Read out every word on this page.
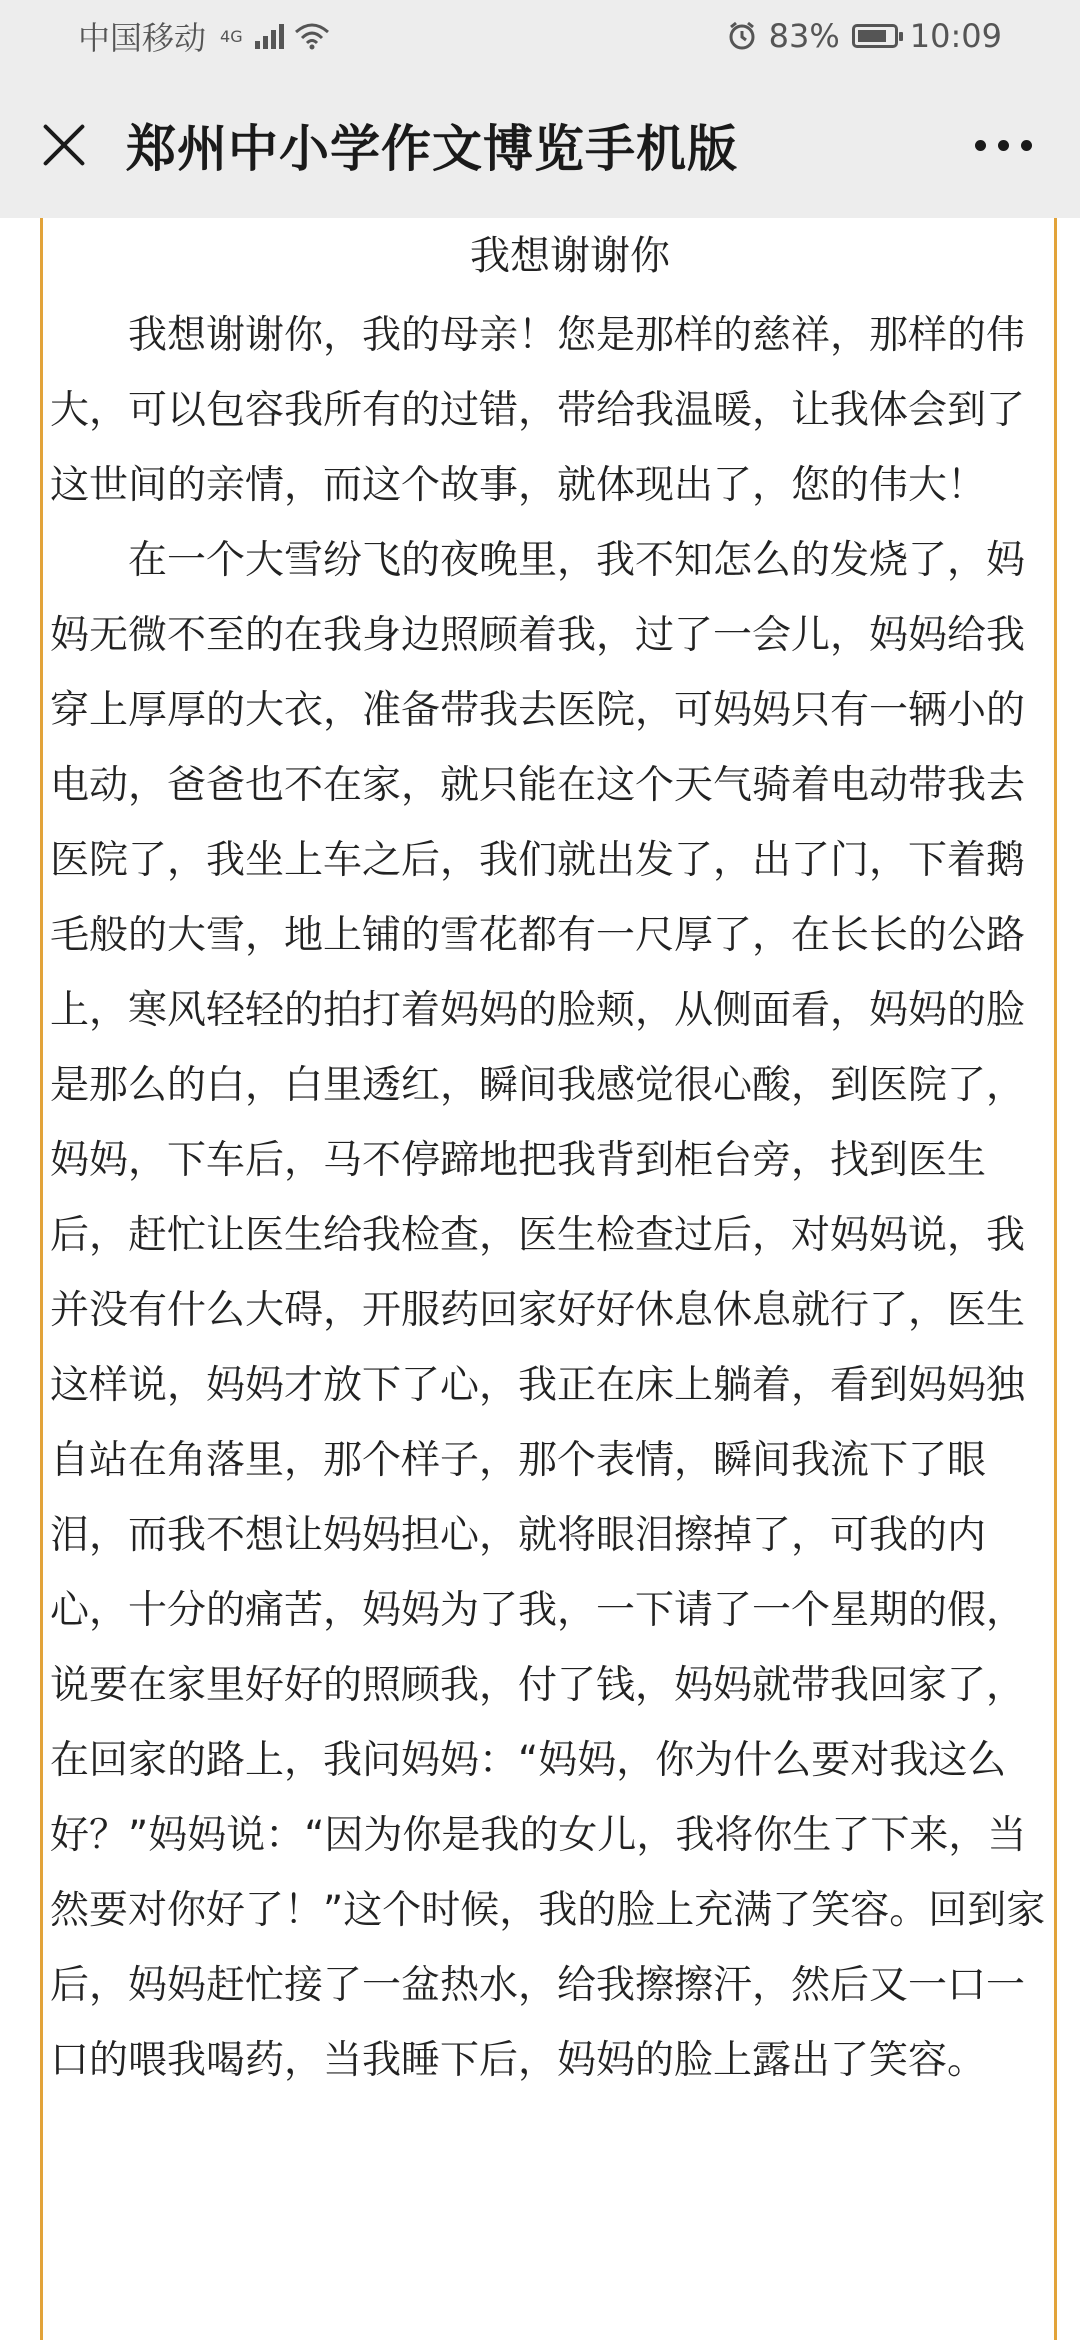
中国移动 4G	83% 10:09
郑州中小学作文博览手机版
我想谢谢你

我想谢谢你，我的母亲！您是那样的慈祥，那样的伟大，可以包容我所有的过错，带给我温暖，让我体会到了这世间的亲情，而这个故事，就体现出了，您的伟大！

在一个大雪纷飞的夜晚里，我不知怎么的发烧了，妈妈无微不至的在我身边照顾着我，过了一会儿，妈妈给我穿上厚厚的大衣，准备带我去医院，可妈妈只有一辆小的电动，爸爸也不在家，就只能在这个天气骑着电动带我去医院了，我坐上车之后，我们就出发了，出了门，下着鹅毛般的大雪，地上铺的雪花都有一尺厚了，在长长的公路上，寒风轻轻的拍打着妈妈的脸颊，从侧面看，妈妈的脸是那么的白，白里透红，瞬间我感觉很心酸，到医院了，妈妈，下车后，马不停蹄地把我背到柜台旁，找到医生后，赶忙让医生给我检查，医生检查过后，对妈妈说，我并没有什么大碍，开服药回家好好休息休息就行了，医生这样说，妈妈才放下了心，我正在床上躺着，看到妈妈独自站在角落里，那个样子，那个表情，瞬间我流下了眼泪，而我不想让妈妈担心，就将眼泪擦掉了，可我的内心，十分的痛苦，妈妈为了我，一下请了一个星期的假，说要在家里好好的照顾我，付了钱，妈妈就带我回家了，在回家的路上，我问妈妈：“妈妈，你为什么要对我这么好？”妈妈说：“因为你是我的女儿，我将你生了下来，当然要对你好了！”这个时候，我的脸上充满了笑容。回到家后，妈妈赶忙接了一盆热水，给我擦擦汗，然后又一口一口的喂我喝药，当我睡下后，妈妈的脸上露出了笑容。
